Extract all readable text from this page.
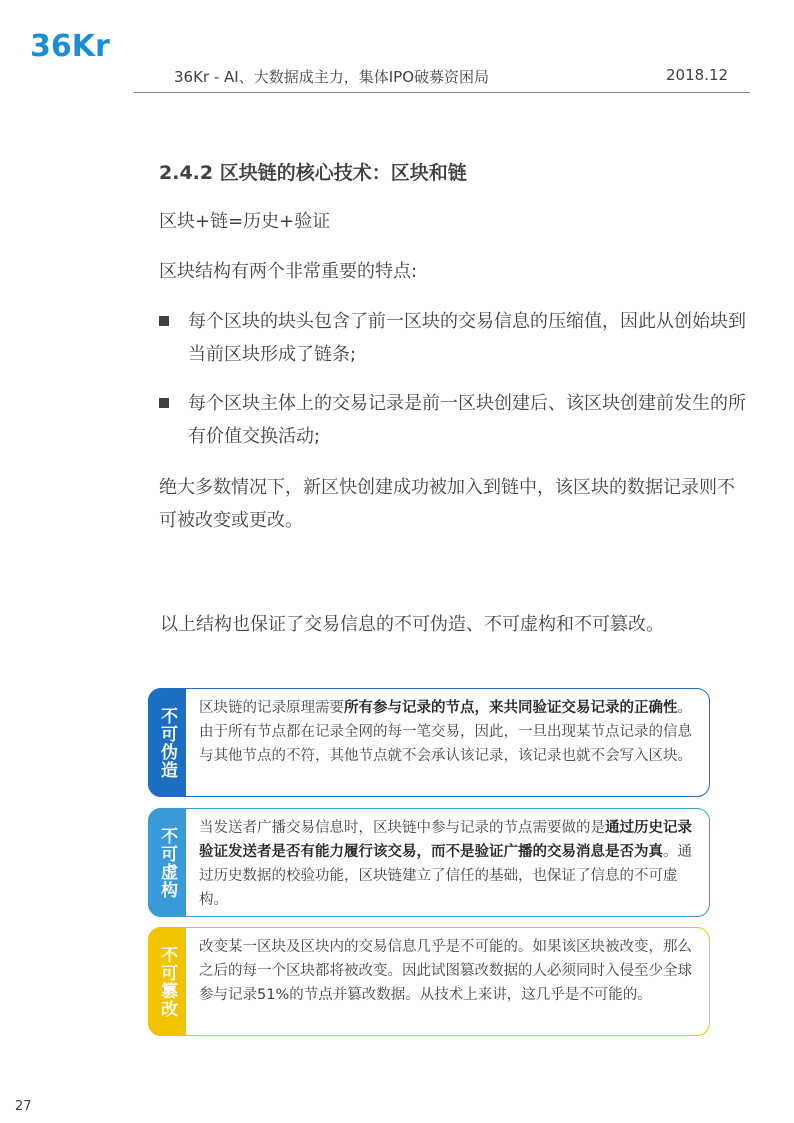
36Kr
36Kr - AI、大数据成主力，集体IPO破募资困局	2018.12
2.4.2 区块链的核心技术：区块和链
区块+链=历史+验证
区块结构有两个非常重要的特点:
每个区块的块头包含了前一区块的交易信息的压缩值，因此从创始块到当前区块形成了链条;
每个区块主体上的交易记录是前一区块创建后、该区块创建前发生的所有价值交换活动;
绝大多数情况下，新区快创建成功被加入到链中，该区块的数据记录则不可被改变或更改。
以上结构也保证了交易信息的不可伪造、不可虚构和不可篡改。
不可伪造 区块链的记录原理需要所有参与记录的节点，来共同验证交易记录的正确性。由于所有节点都在记录全网的每一笔交易，因此，一旦出现某节点记录的信息与其他节点的不符，其他节点就不会承认该记录，该记录也就不会写入区块。
不可虚构 当发送者广播交易信息时，区块链中参与记录的节点需要做的是通过历史记录验证发送者是否有能力履行该交易，而不是验证广播的交易消息是否为真。通过历史数据的校验功能，区块链建立了信任的基础，也保证了信息的不可虚构。
不可篡改 改变某一区块及区块内的交易信息几乎是不可能的。如果该区块被改变，那么之后的每一个区块都将被改变。因此试图篡改数据的人必须同时入侵至少全球参与记录51%的节点并篡改数据。从技术上来讲，这几乎是不可能的。
27
